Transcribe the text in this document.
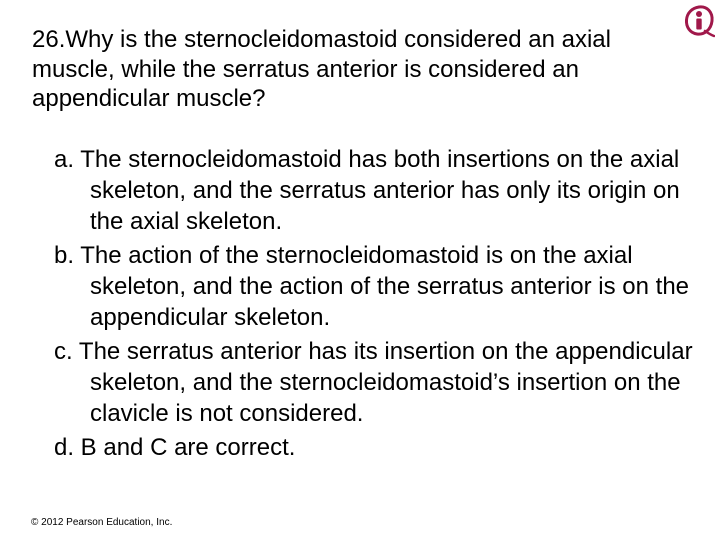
26.Why is the sternocleidomastoid considered an axial muscle, while the serratus anterior is considered an appendicular muscle?
a. The sternocleidomastoid has both insertions on the axial skeleton, and the serratus anterior has only its origin on the axial skeleton.
b. The action of the sternocleidomastoid is on the axial skeleton, and the action of the serratus anterior is on the appendicular skeleton.
c. The serratus anterior has its insertion on the appendicular skeleton, and the sternocleidomastoid’s insertion on the clavicle is not considered.
d. B and C are correct.
© 2012 Pearson Education, Inc.
